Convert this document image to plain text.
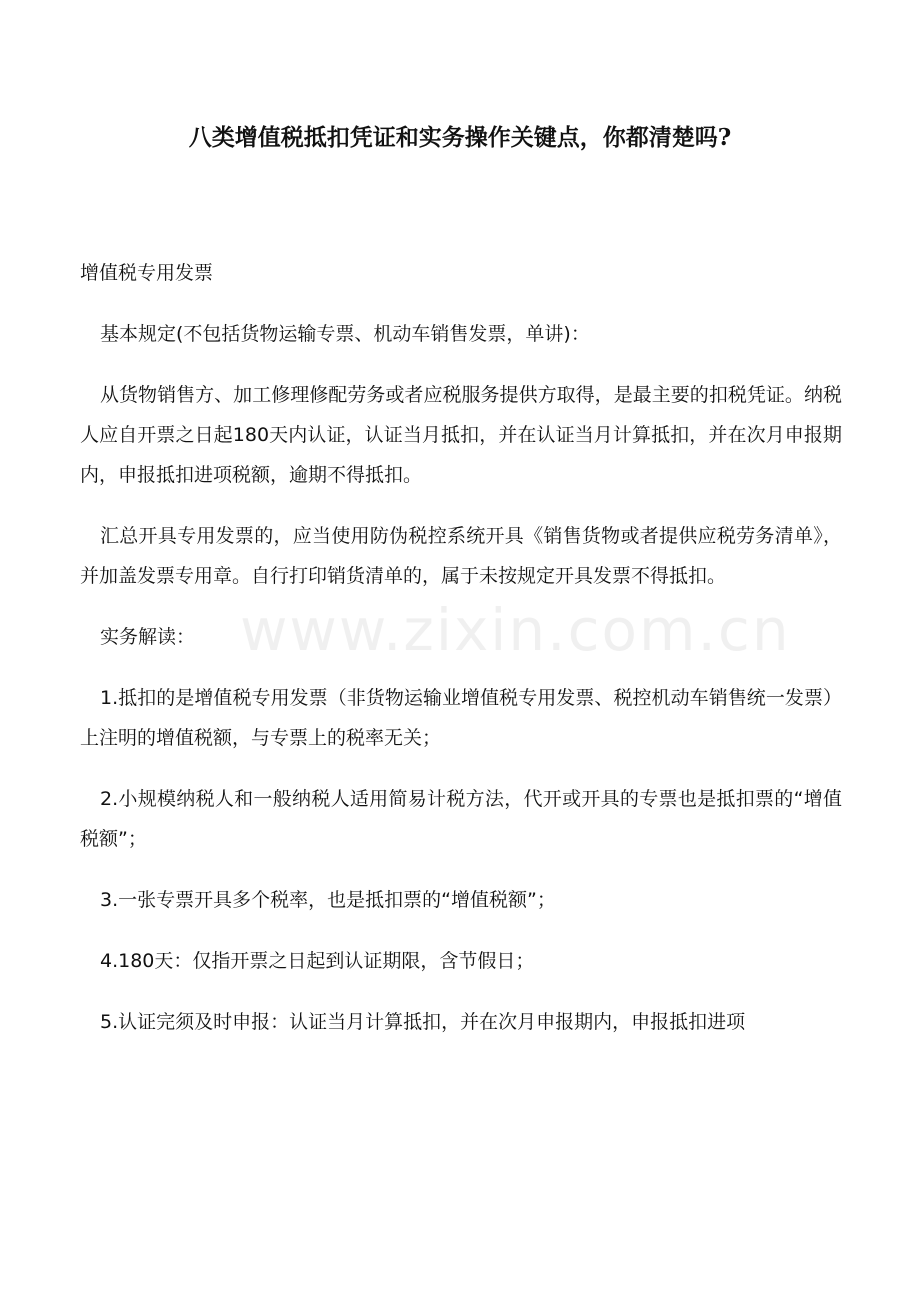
八类增值税抵扣凭证和实务操作关键点，你都清楚吗?

增值税专用发票

基本规定(不包括货物运输专票、机动车销售发票，单讲)：

从货物销售方、加工修理修配劳务或者应税服务提供方取得，是最主要的扣税凭证。纳税人应自开票之日起180天内认证，认证当月抵扣，并在认证当月计算抵扣，并在次月申报期内，申报抵扣进项税额，逾期不得抵扣。

汇总开具专用发票的，应当使用防伪税控系统开具《销售货物或者提供应税劳务清单》，并加盖发票专用章。自行打印销货清单的，属于未按规定开具发票不得抵扣。

实务解读：

1.抵扣的是增值税专用发票（非货物运输业增值税专用发票、税控机动车销售统一发票）上注明的增值税额，与专票上的税率无关；

2.小规模纳税人和一般纳税人适用简易计税方法，代开或开具的专票也是抵扣票的“增值税额”；

3.一张专票开具多个税率，也是抵扣票的“增值税额”；

4.180天：仅指开票之日起到认证期限，含节假日；

5.认证完须及时申报：认证当月计算抵扣，并在次月申报期内，申报抵扣进项

www.zixin.com.cn
